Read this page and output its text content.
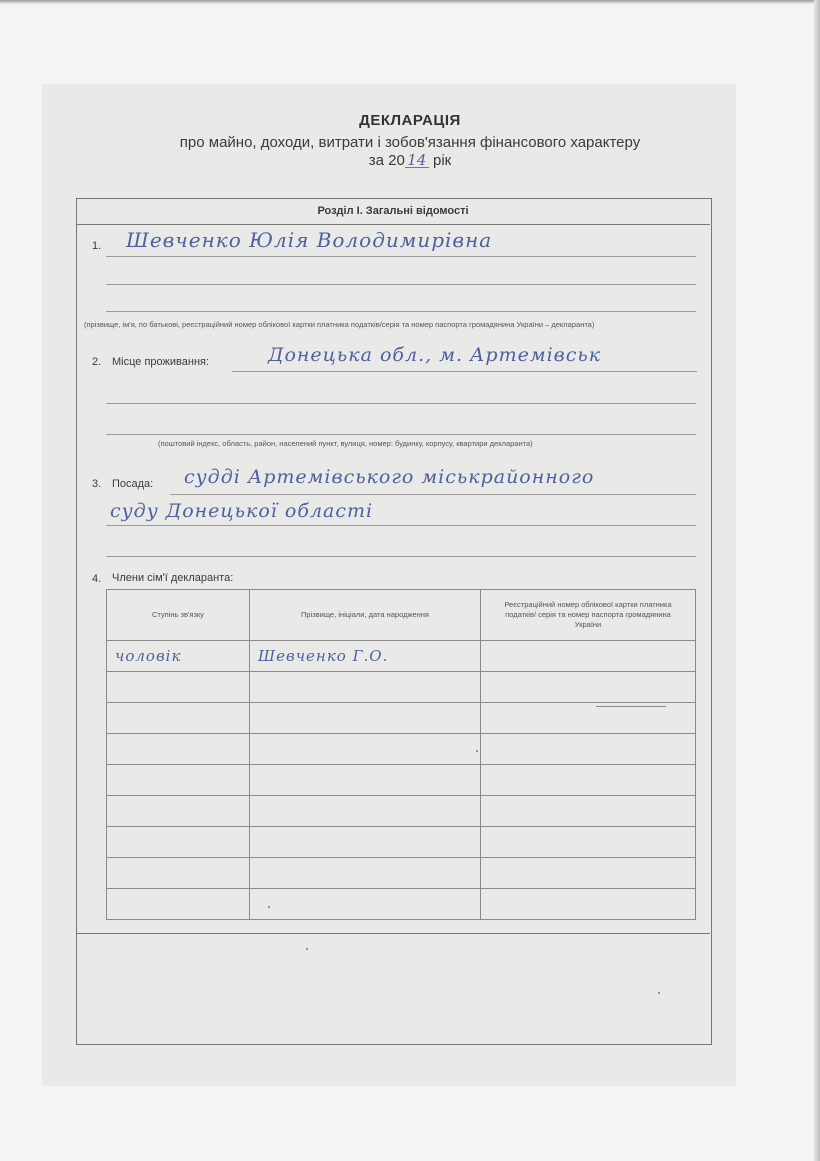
ДЕКЛАРАЦІЯ
про майно, доходи, витрати і зобов'язання фінансового характеру
за 20 14 рік
Розділ І. Загальні відомості
1. Шевченко Юлія Володимирівна
(прізвище, ім'я, по батькові, реєстраційний номер облікової картки платника податків/серія та номер паспорта громадянина України – декларанта)
2. Місце проживання:	Донецька обл., м. Артемівськ
(поштовий індекс, область, район, населений пункт, вулиця, номер: будинку, корпусу, квартири декларанта)
3. Посада: судді Артемівського міськрайонного
суду Донецької області
4. Члени сім'ї декларанта:
Ступінь зв'язку	Прізвище, ініціали, дата народження	Реєстраційний номер облікової картки платника податків/ серія та номер паспорта громадянина України
чоловік	Шевченко Г.О.	
